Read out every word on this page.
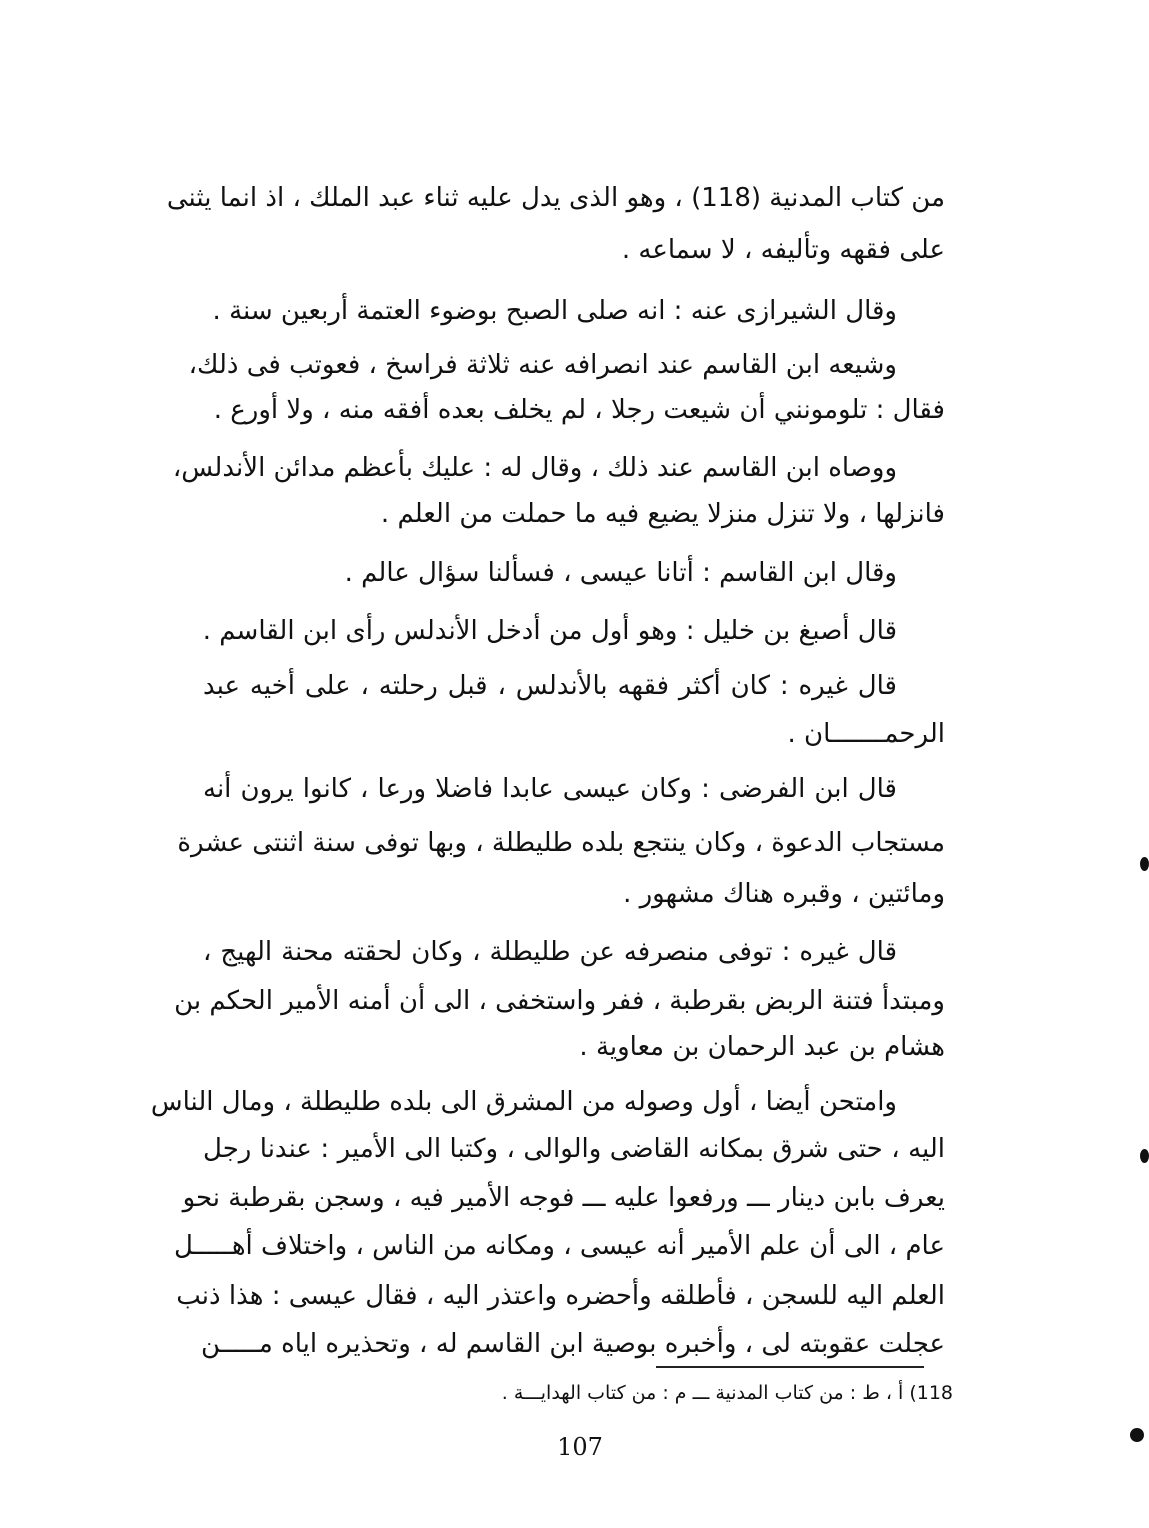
من كتاب المدنية (118) ، وهو الذى يدل عليه ثناء عبد الملك ، اذ انما يثنى
على فقهه وتأليفه ، لا سماعه .
وقال الشيرازى عنه : انه صلى الصبح بوضوء العتمة أربعين سنة .
وشيعه ابن القاسم عند انصرافه عنه ثلاثة فراسخ ، فعوتب فى ذلك،
فقال : تلومونني أن شيعت رجلا ، لم يخلف بعده أفقه منه ، ولا أورع .
ووصاه ابن القاسم عند ذلك ، وقال له : عليك بأعظم مدائن الأندلس،
فانزلها ، ولا تنزل منزلا يضيع فيه ما حملت من العلم .
وقال ابن القاسم : أتانا عيسى ، فسألنا سؤال عالم .
قال أصبغ بن خليل : وهو أول من أدخل الأندلس رأى ابن القاسم .
قال غيره : كان أكثر فقهه بالأندلس ، قبل رحلته ، على أخيه عبد
الرحمـــــــان .
قال ابن الفرضى : وكان عيسى عابدا فاضلا ورعا ، كانوا يرون أنه
مستجاب الدعوة ، وكان ينتجع بلده طليطلة ، وبها توفى سنة اثنتى عشرة
ومائتين ، وقبره هناك مشهور .
قال غيره : توفى منصرفه عن طليطلة ، وكان لحقته محنة الهيج ،
ومبتدأ فتنة الربض بقرطبة ، ففر واستخفى ، الى أن أمنه الأمير الحكم بن
هشام بن عبد الرحمان بن معاوية .
وامتحن أيضا ، أول وصوله من المشرق الى بلده طليطلة ، ومال الناس
اليه ، حتى شرق بمكانه القاضى والوالى ، وكتبا الى الأمير : عندنا رجل
يعرف بابن دينار ـــ ورفعوا عليه ـــ فوجه الأمير فيه ، وسجن بقرطبة نحو
عام ، الى أن علم الأمير أنه عيسى ، ومكانه من الناس ، واختلاف أهـــــل
العلم اليه للسجن ، فأطلقه وأحضره واعتذر اليه ، فقال عيسى : هذا ذنب
عجلت عقوبته لى ، وأخبره بوصية ابن القاسم له ، وتحذيره اياه مـــــن
118) أ ، ط : من كتاب المدنية ـــ م : من كتاب الهدايـــة .
107
